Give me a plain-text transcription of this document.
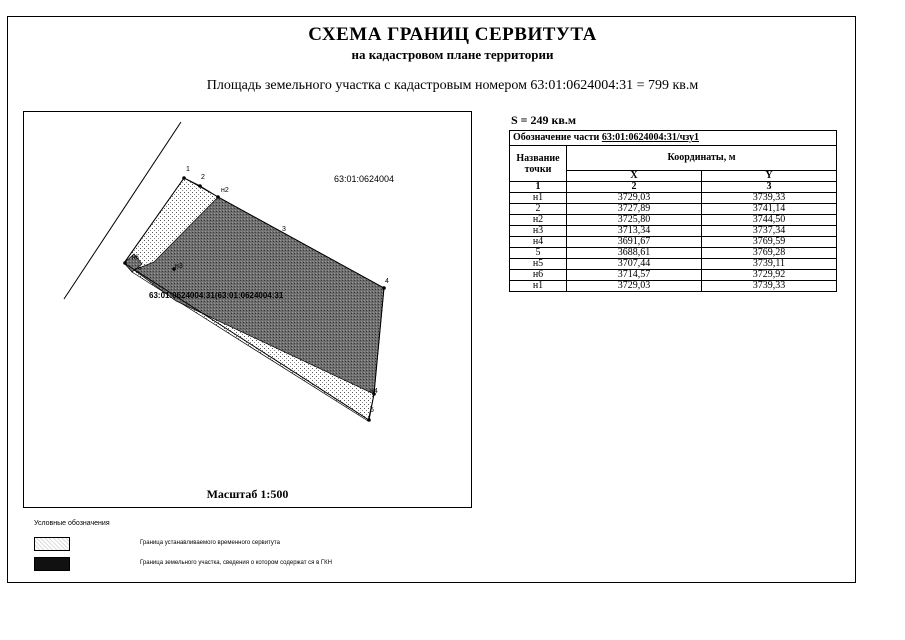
СХЕМА ГРАНИЦ СЕРВИТУТА
на кадастровом плане территории
Площадь земельного участка с кадастровым номером 63:01:0624004:31 = 799 кв.м
1
2
н2
3
4
н4
5
н3
н6
6
63:01:0624004
63:01:0624004:31(63:01:0624004:31
Масштаб 1:500
S = 249 кв.м
Обозначение части 63:01:0624004:31/чзу1		
Название точки	Координаты, м	
	X	Y
1	2	3
н1	3729,03	3739,33
2	3727,89	3741,14
н2	3725,80	3744,50
н3	3713,34	3737,34
н4	3691,67	3769,59
5	3688,61	3769,28
н5	3707,44	3739,11
н6	3714,57	3729,92
н1	3729,03	3739,33
Условные обозначения
Граница устанавливаемого временного сервитута
Граница земельного участка, сведения о котором содержат ся в ГКН
